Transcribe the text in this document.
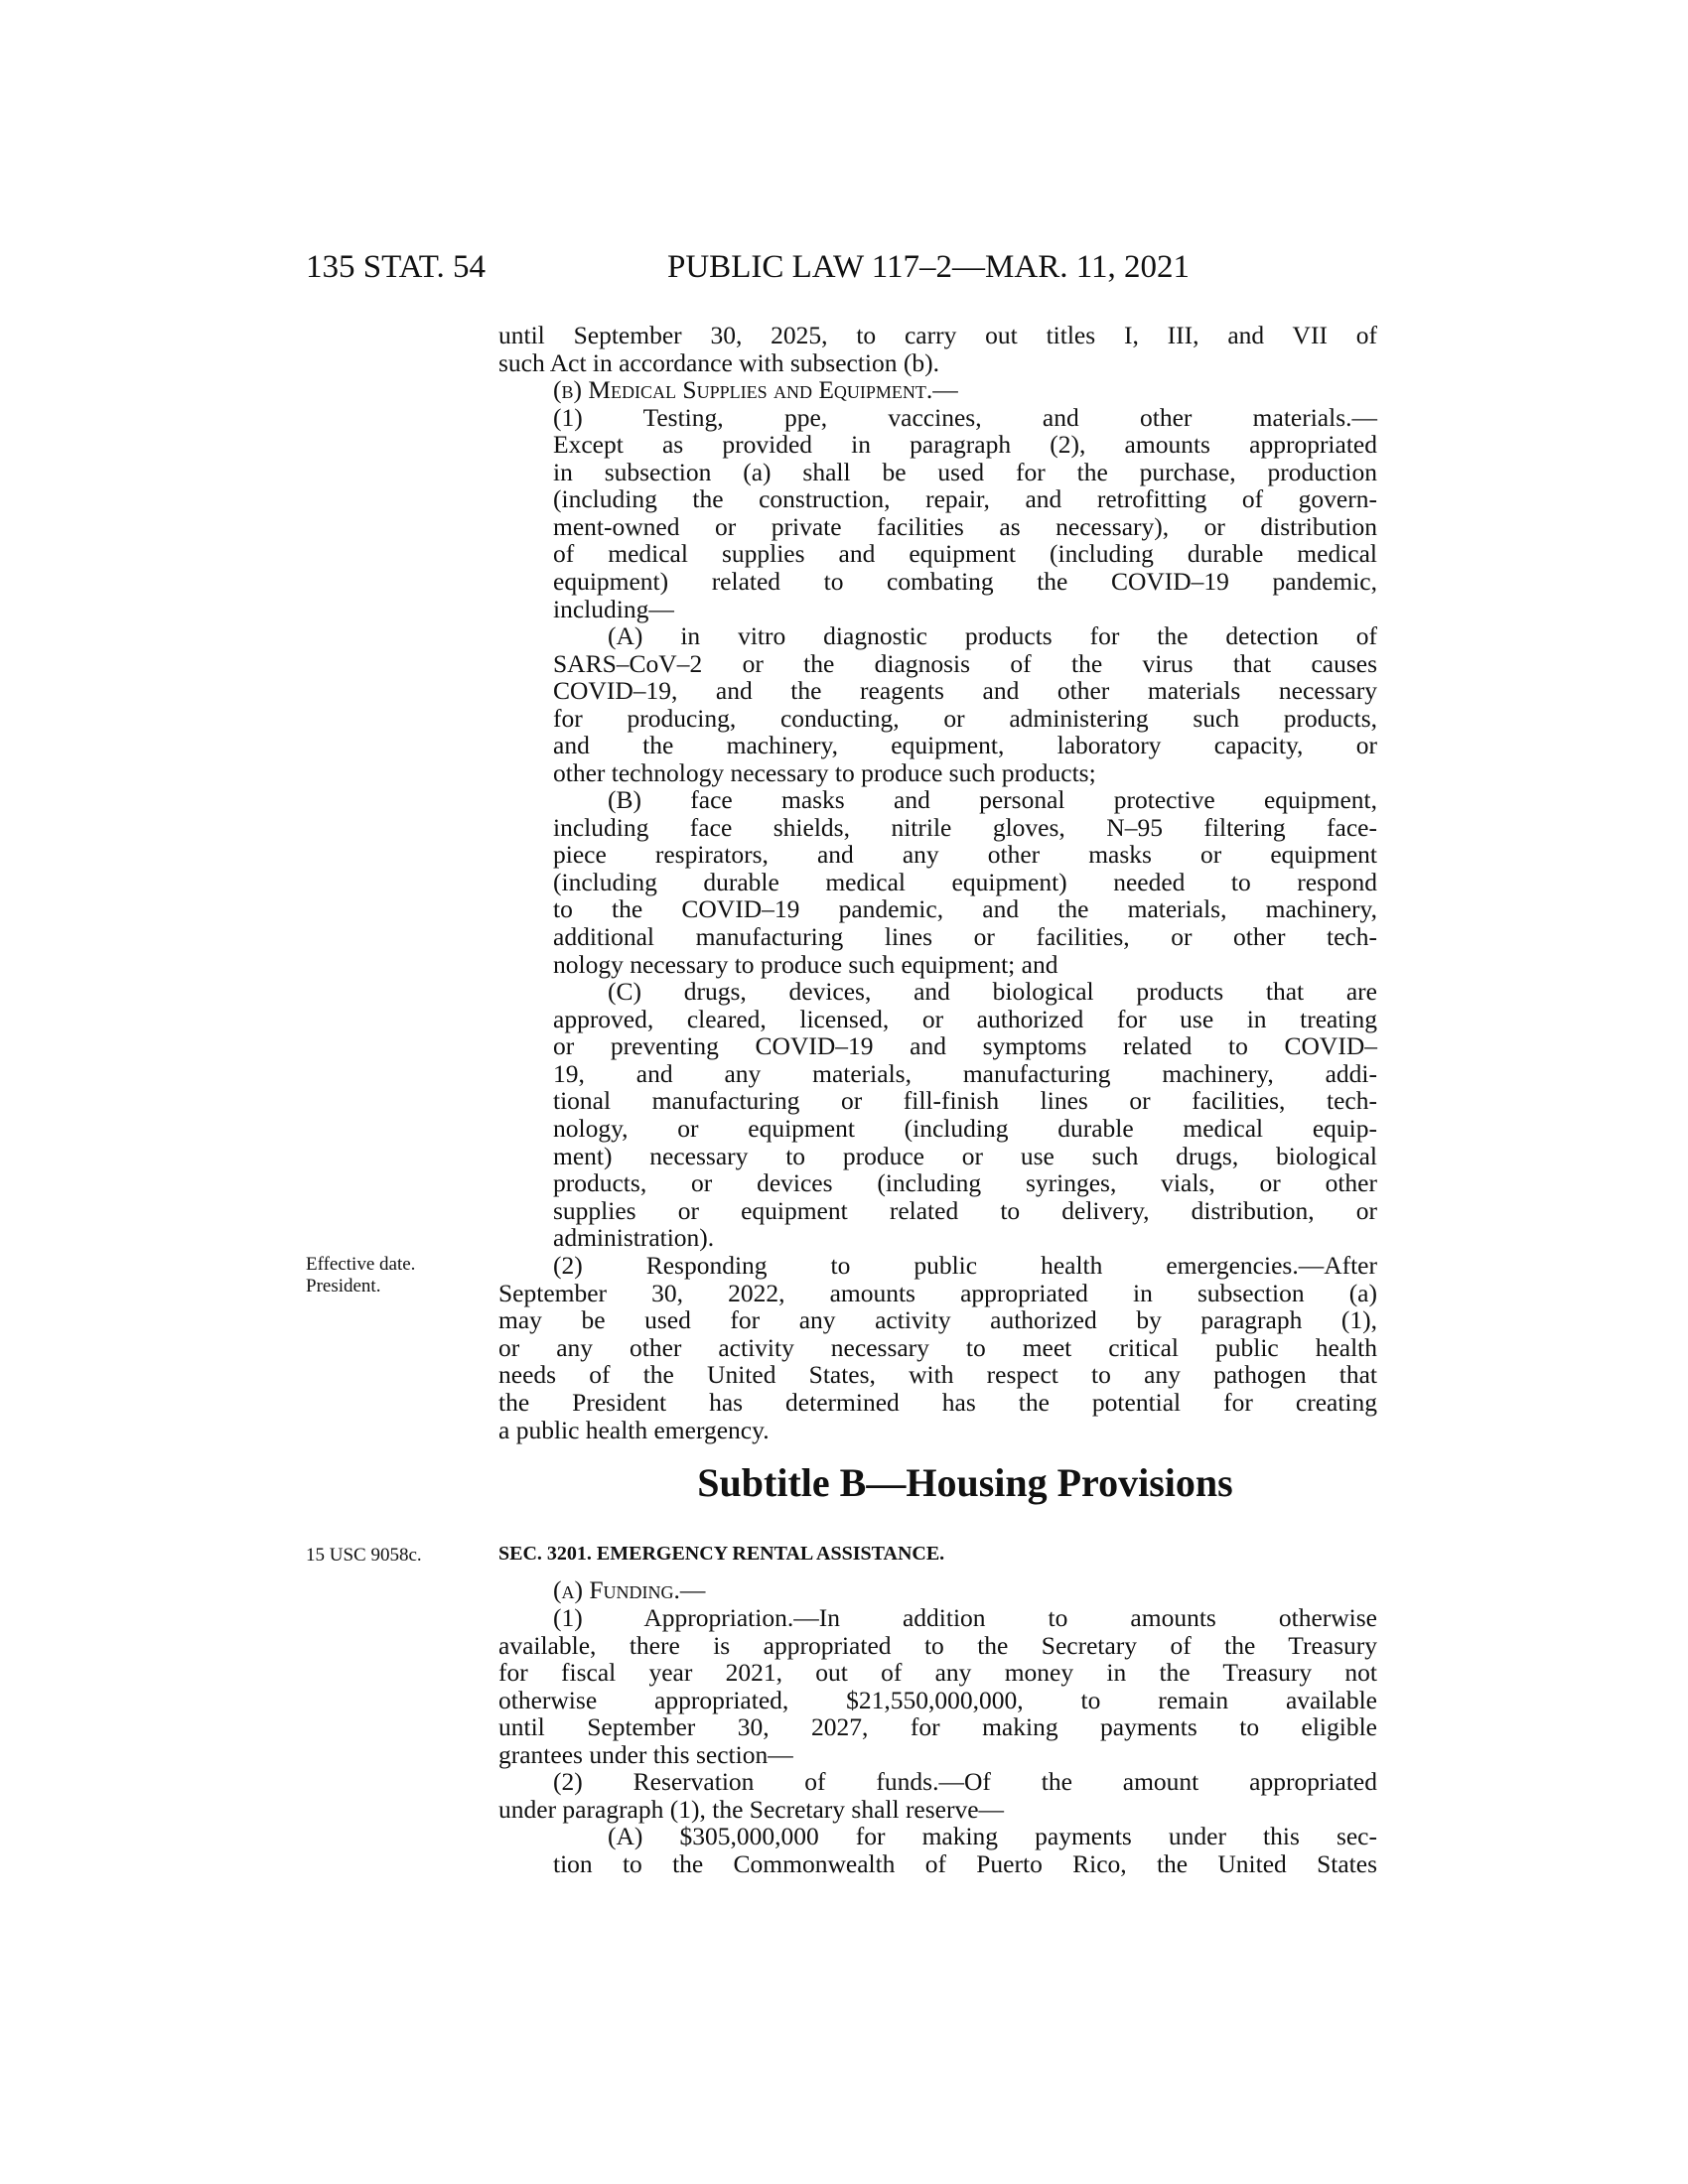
135 STAT. 54	PUBLIC LAW 117–2—MAR. 11, 2021
Effective date.
President.
15 USC 9058c.
until September 30, 2025, to carry out titles I, III, and VII of
such Act in accordance with subsection (b).
(b) Medical Supplies and Equipment.—
(1) Testing, ppe, vaccines, and other materials.—
Except as provided in paragraph (2), amounts appropriated
in subsection (a) shall be used for the purchase, production
(including the construction, repair, and retrofitting of govern-
ment-owned or private facilities as necessary), or distribution
of medical supplies and equipment (including durable medical
equipment) related to combating the COVID–19 pandemic,
including—
(A) in vitro diagnostic products for the detection of
SARS–CoV–2 or the diagnosis of the virus that causes
COVID–19, and the reagents and other materials necessary
for producing, conducting, or administering such products,
and the machinery, equipment, laboratory capacity, or
other technology necessary to produce such products;
(B) face masks and personal protective equipment,
including face shields, nitrile gloves, N–95 filtering face-
piece respirators, and any other masks or equipment
(including durable medical equipment) needed to respond
to the COVID–19 pandemic, and the materials, machinery,
additional manufacturing lines or facilities, or other tech-
nology necessary to produce such equipment; and
(C) drugs, devices, and biological products that are
approved, cleared, licensed, or authorized for use in treating
or preventing COVID–19 and symptoms related to COVID–
19, and any materials, manufacturing machinery, addi-
tional manufacturing or fill-finish lines or facilities, tech-
nology, or equipment (including durable medical equip-
ment) necessary to produce or use such drugs, biological
products, or devices (including syringes, vials, or other
supplies or equipment related to delivery, distribution, or
administration).
(2) Responding to public health emergencies.—After
September 30, 2022, amounts appropriated in subsection (a)
may be used for any activity authorized by paragraph (1),
or any other activity necessary to meet critical public health
needs of the United States, with respect to any pathogen that
the President has determined has the potential for creating
a public health emergency.
Subtitle B—Housing Provisions
SEC. 3201. EMERGENCY RENTAL ASSISTANCE.
(a) Funding.—
(1) Appropriation.—In addition to amounts otherwise
available, there is appropriated to the Secretary of the Treasury
for fiscal year 2021, out of any money in the Treasury not
otherwise appropriated, $21,550,000,000, to remain available
until September 30, 2027, for making payments to eligible
grantees under this section—
(2) Reservation of funds.—Of the amount appropriated
under paragraph (1), the Secretary shall reserve—
(A) $305,000,000 for making payments under this sec-
tion to the Commonwealth of Puerto Rico, the United States
